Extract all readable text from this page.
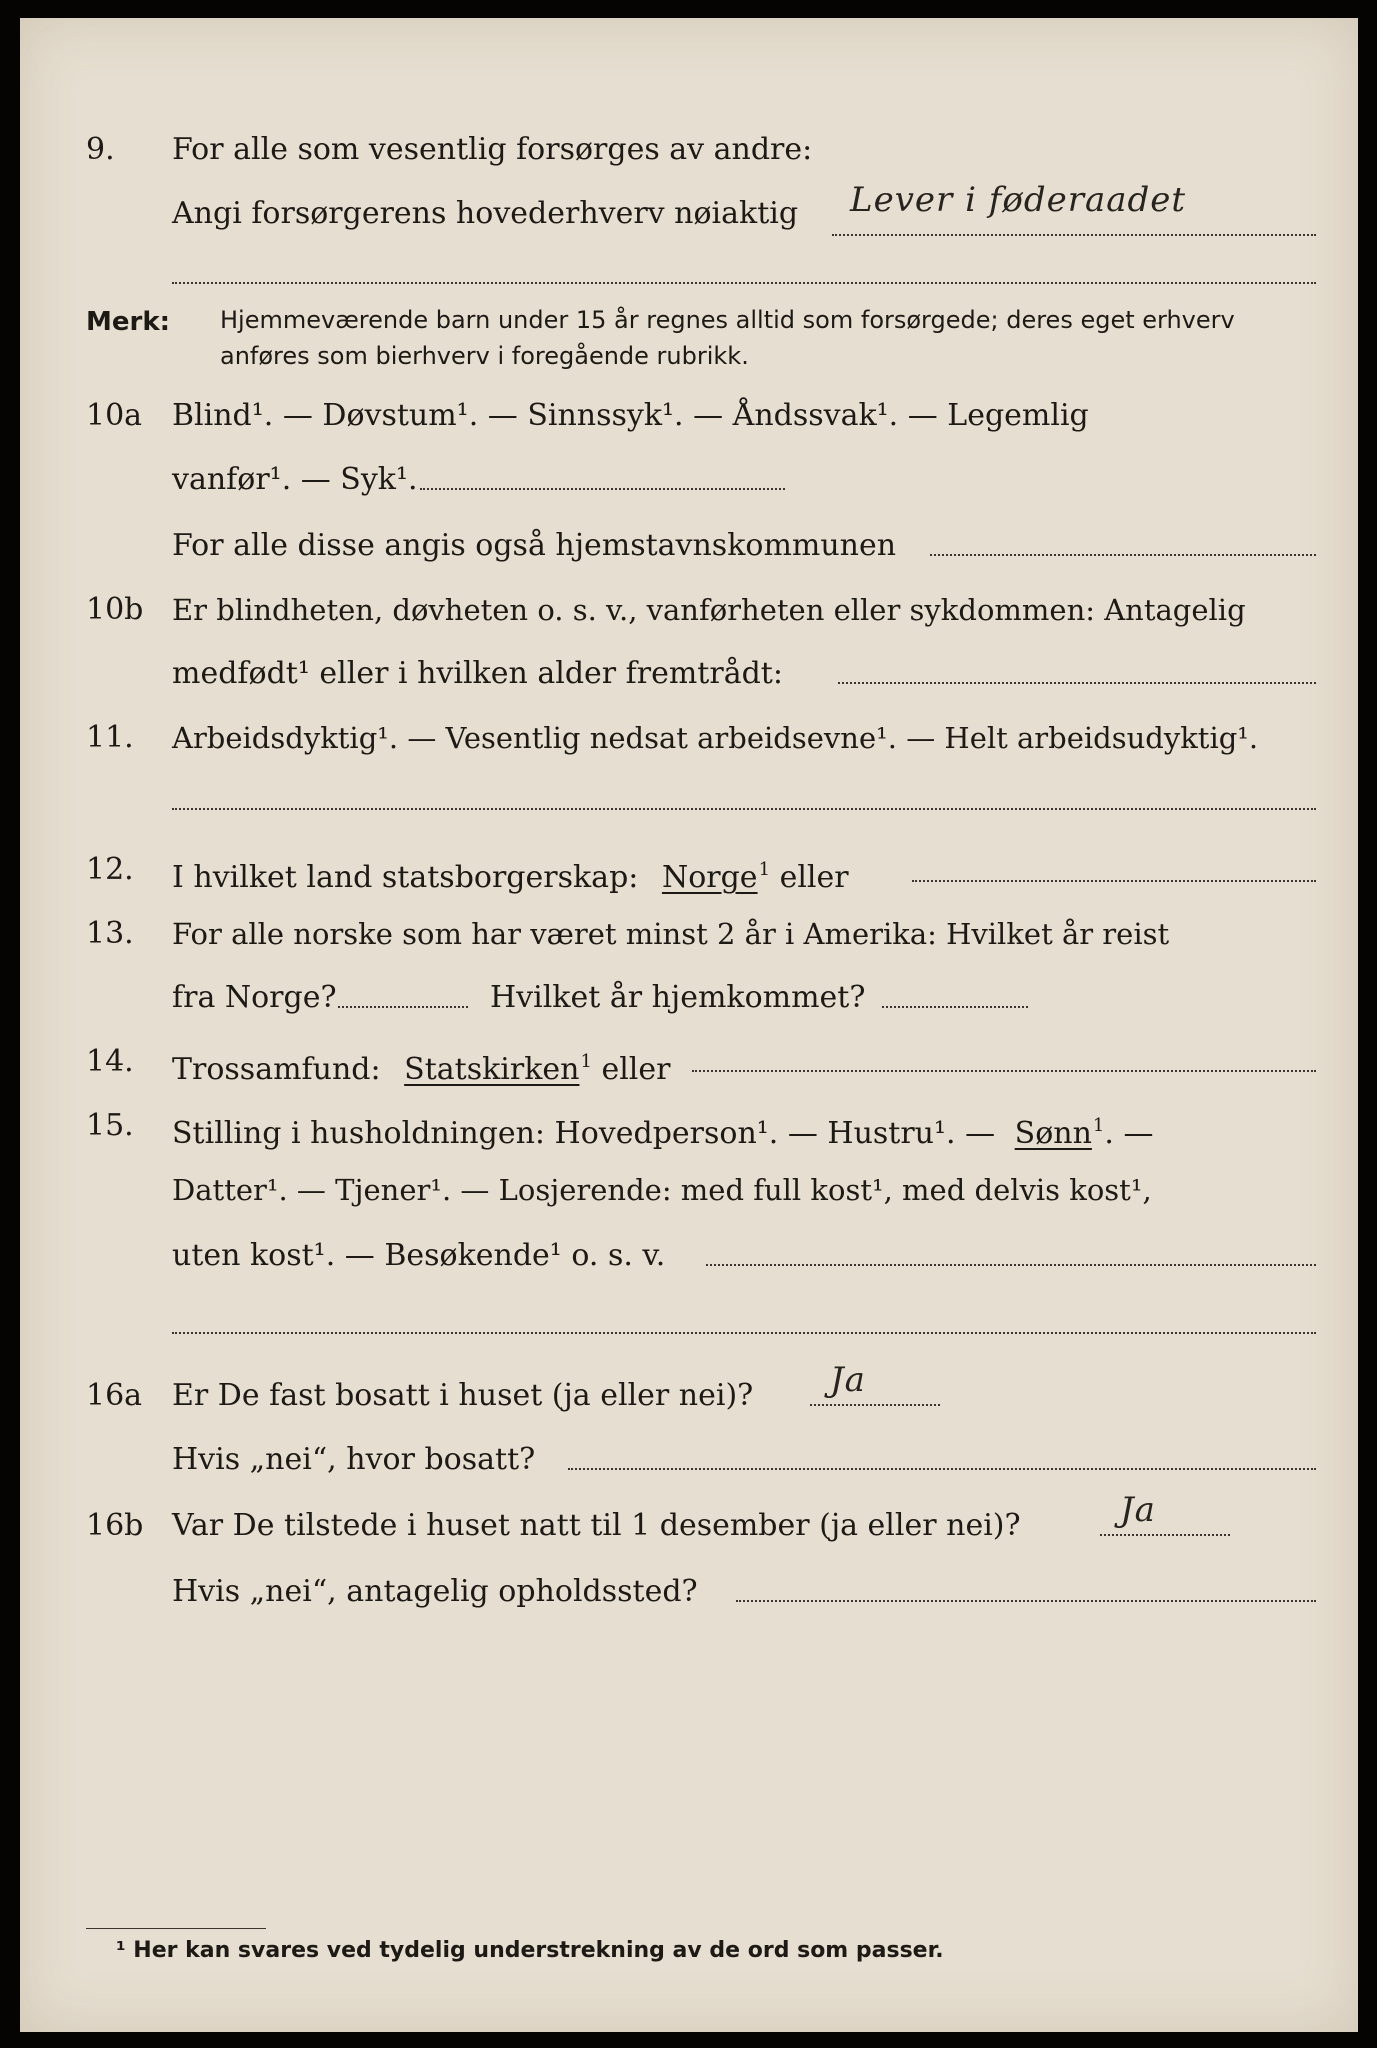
9. For alle som vesentlig forsørges av andre:
Angi forsørgerens hovederhverv nøiaktig Lever i føderaadet
Merk: Hjemmeværende barn under 15 år regnes alltid som forsørgede; deres eget erhverv
anføres som bierhverv i foregående rubrikk.
10a Blind¹. — Døvstum¹. — Sinnssyk¹. — Åndssvak¹. — Legemlig
vanfør¹. — Syk¹.
For alle disse angis også hjemstavnskommunen
10b Er blindheten, døvheten o. s. v., vanførheten eller sykdommen: Antagelig
medfødt¹ eller i hvilken alder fremtrådt:
11. Arbeidsdyktig¹. — Vesentlig nedsat arbeidsevne¹. — Helt arbeidsudyktig¹.
12. I hvilket land statsborgerskap: Norge$^1$ eller
13. For alle norske som har været minst 2 år i Amerika: Hvilket år reist
fra Norge?	Hvilket år hjemkommet?
14. Trossamfund: Statskirken$^1$ eller
15. Stilling i husholdningen: Hovedperson¹. — Hustru¹. — Sønn$^1$. —
Datter¹. — Tjener¹. — Losjerende: med full kost¹, med delvis kost¹,
uten kost¹. — Besøkende¹ o. s. v.
16a Er De fast bosatt i huset (ja eller nei)? Ja
Hvis „nei“, hvor bosatt?
16b Var De tilstede i huset natt til 1 desember (ja eller nei)?	Ja
Hvis „nei“, antagelig opholdssted?
¹ Her kan svares ved tydelig understrekning av de ord som passer.
